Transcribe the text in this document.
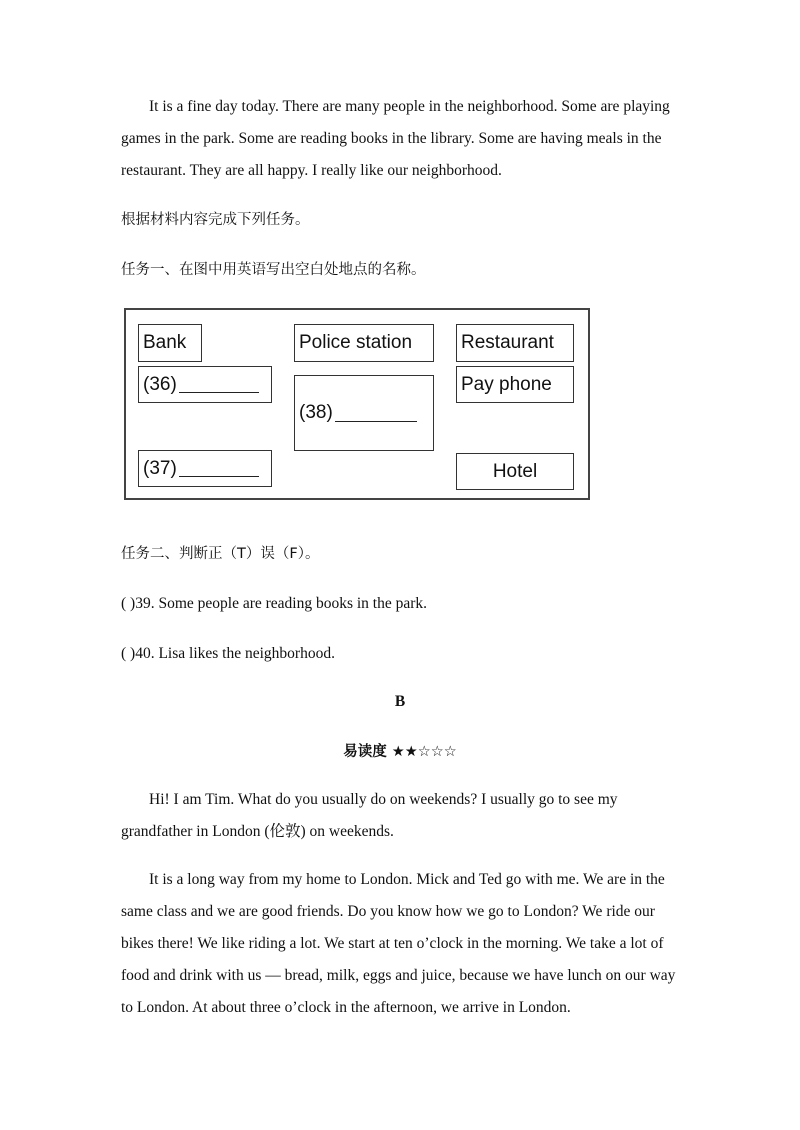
It is a fine day today. There are many people in the neighborhood. Some are playing games in the park. Some are reading books in the library. Some are having meals in the restaurant. They are all happy. I really like our neighborhood.

根据材料内容完成下列任务。

任务一、在图中用英语写出空白处地点的名称。

Bank	Police station	Restaurant
(36)
(38)
Pay phone
(37)	Hotel

任务二、判断正（T）误（F）。

( )39. Some people are reading books in the park.

( )40. Lisa likes the neighborhood.

B

易读度 ★★☆☆☆

Hi! I am Tim. What do you usually do on weekends? I usually go to see my grandfather in London (伦敦) on weekends.

It is a long way from my home to London. Mick and Ted go with me. We are in the same class and we are good friends. Do you know how we go to London? We ride our bikes there! We like riding a lot. We start at ten o’clock in the morning. We take a lot of food and drink with us — bread, milk, eggs and juice, because we have lunch on our way to London. At about three o’clock in the afternoon, we arrive in London.
